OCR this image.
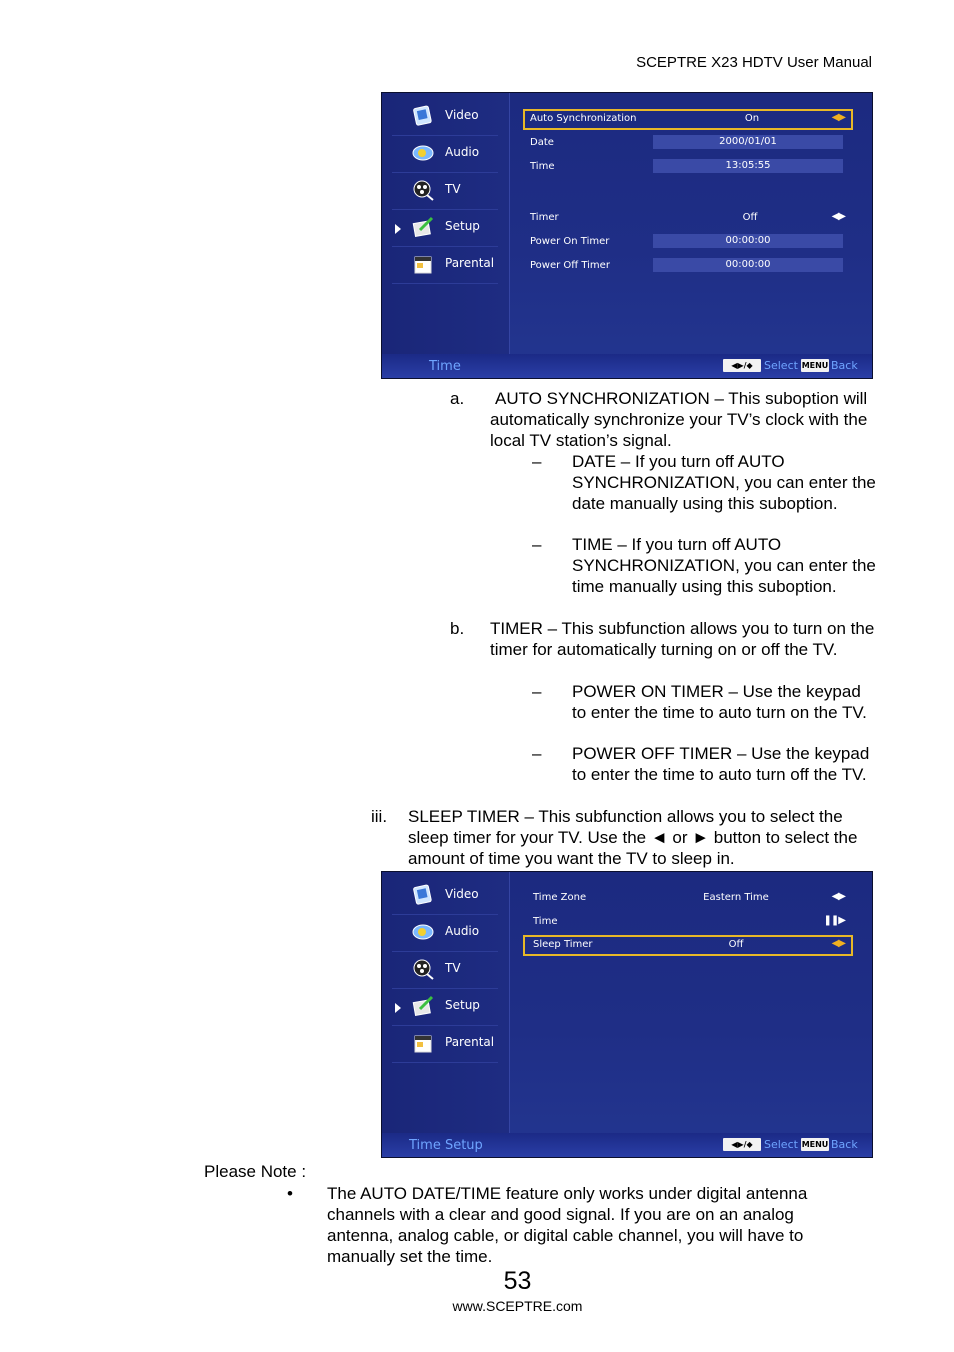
SCEPTRE X23 HDTV User Manual
Video
Audio
TV
Setup
Parental
Auto Synchronization	On	◀▶
Date	2000/01/01
Time	13:05:55
Timer	Off	◀▶
Power On Timer	00:00:00
Power Off Timer	00:00:00
Time	◀▶/◆	Select MENU Back
a. AUTO SYNCHRONIZATION – This suboption will automatically synchronize your TV’s clock with the local TV station’s signal.
– DATE – If you turn off AUTO SYNCHRONIZATION, you can enter the date manually using this suboption.
– TIME – If you turn off AUTO SYNCHRONIZATION, you can enter the time manually using this suboption.
b. TIMER – This subfunction allows you to turn on the timer for automatically turning on or off the TV.
– POWER ON TIMER – Use the keypad to enter the time to auto turn on the TV.
– POWER OFF TIMER – Use the keypad to enter the time to auto turn off the TV.
iii. SLEEP TIMER – This subfunction allows you to select the sleep timer for your TV. Use the ◄ or ► button to select the amount of time you want the TV to sleep in.
Video
Audio
TV
Setup
Parental
Time Zone	Eastern Time	◀▶
Time	❚❚▶
Sleep Timer	Off	◀▶
Time Setup	◀▶/◆	Select MENU Back
Please Note :
• The AUTO DATE/TIME feature only works under digital antenna channels with a clear and good signal. If you are on an analog antenna, analog cable, or digital cable channel, you will have to manually set the time.
53
www.SCEPTRE.com
